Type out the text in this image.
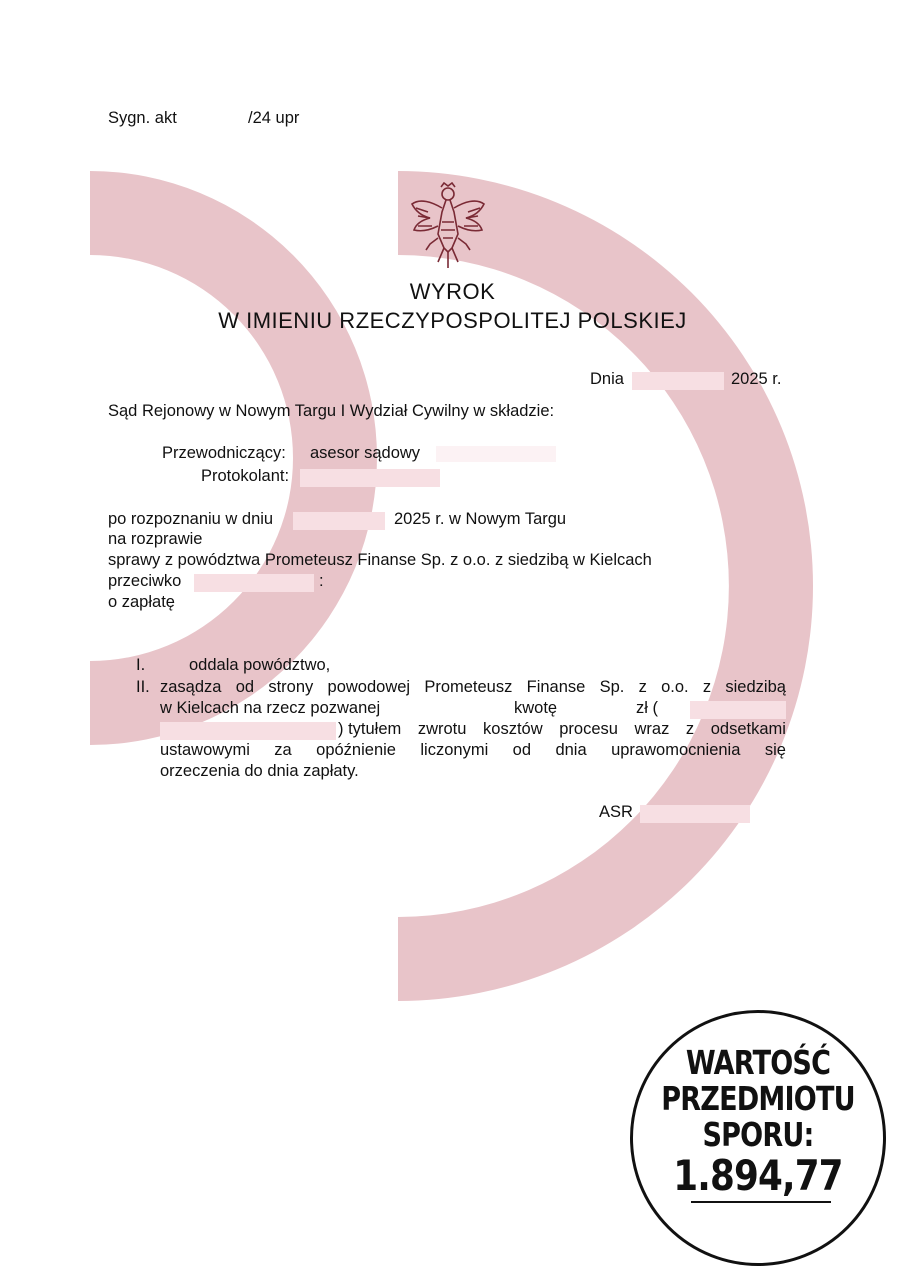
Sygn. akt	/24 upr
WYROK
W IMIENIU RZECZYPOSPOLITEJ POLSKIEJ
Dnia	2025 r.
Sąd Rejonowy w Nowym Targu I Wydział Cywilny w składzie:
Przewodniczący: asesor sądowy
Protokolant:
po rozpoznaniu w dniu	2025 r. w Nowym Targu
na rozprawie
sprawy z powództwa Prometeusz Finanse Sp. z o.o. z siedzibą w Kielcach
przeciwko	:
o zapłatę
I.	oddala powództwo,
II. zasądza od strony powodowej Prometeusz Finanse Sp. z o.o. z siedzibą
w Kielcach na rzecz pozwanej	kwotę	zł (
) tytułem zwrotu kosztów procesu wraz z odsetkami
ustawowymi za opóźnienie liczonymi od dnia uprawomocnienia się
orzeczenia do dnia zapłaty.
ASR
WARTOŚĆ
PRZEDMIOTU
SPORU:
1.894,77
